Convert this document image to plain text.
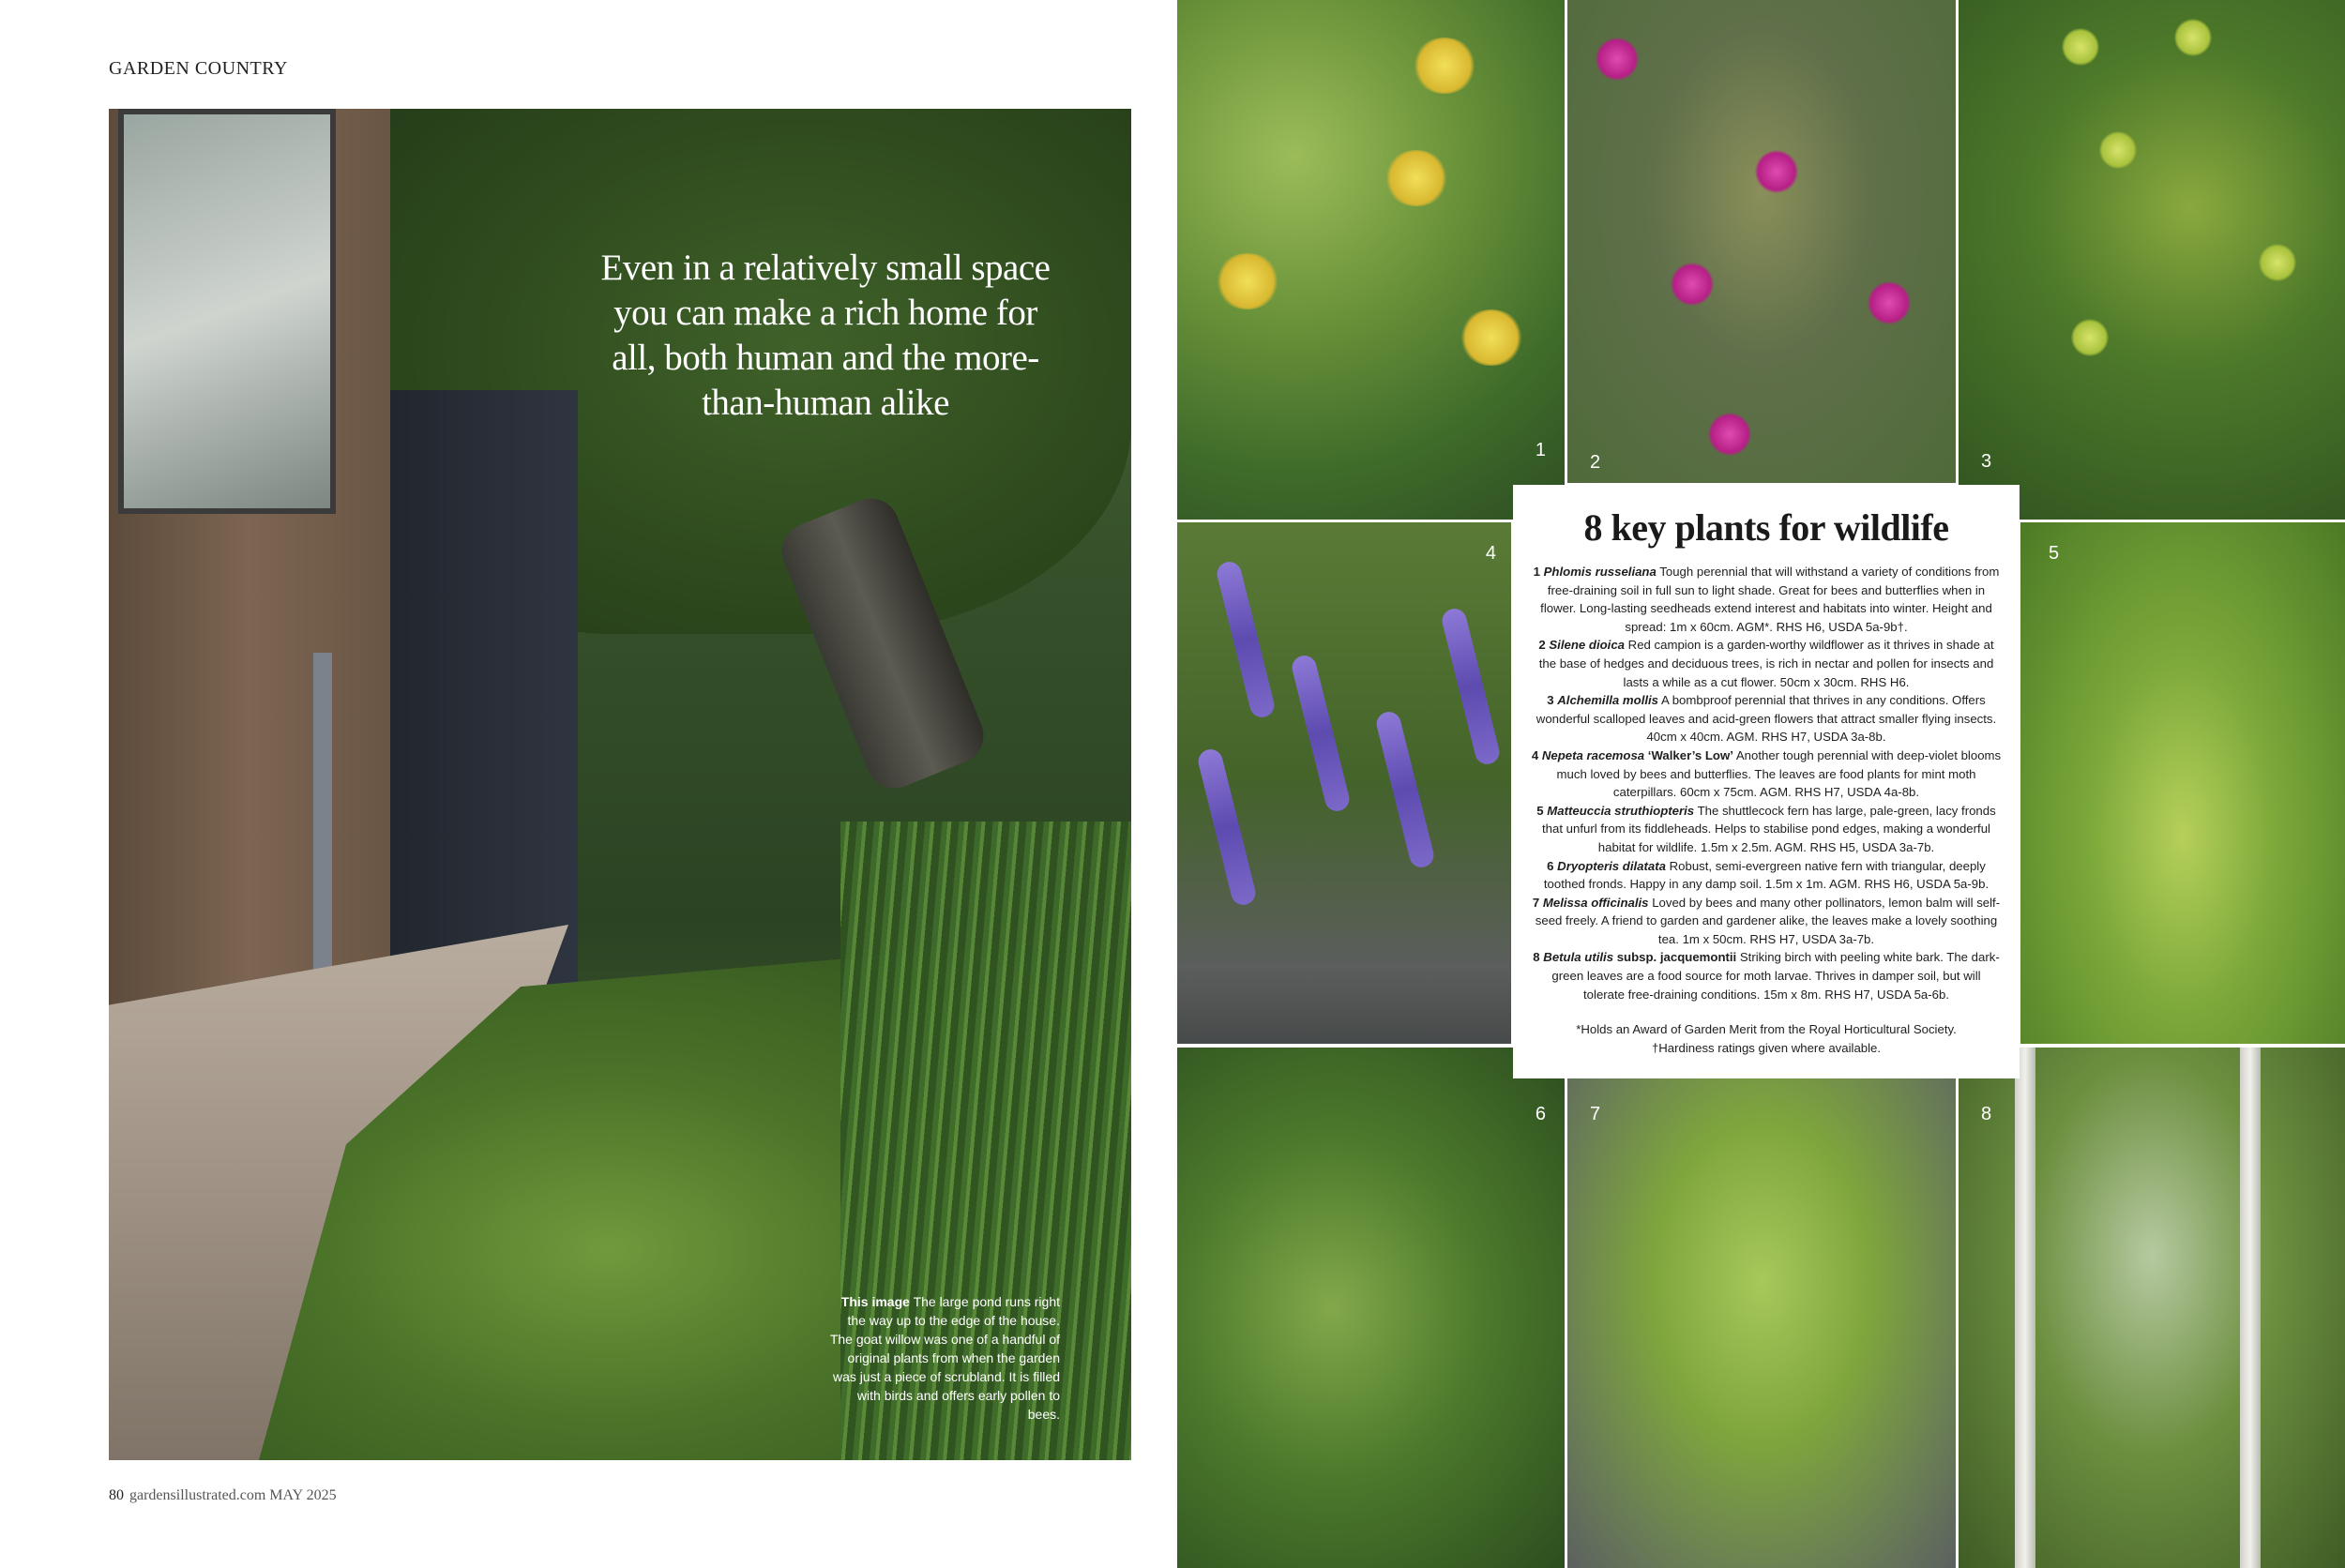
GARDEN COUNTRY
Even in a relatively small space you can make a rich home for all, both human and the more-than-human alike
This image The large pond runs right the way up to the edge of the house. The goat willow was one of a handful of original plants from when the garden was just a piece of scrubland. It is filled with birds and offers early pollen to bees.
80 gardensillustrated.com MAY 2025
1
2	3
4	5
6 7	8
8 key plants for wildlife
1 Phlomis russeliana Tough perennial that will withstand a variety of conditions from free-draining soil in full sun to light shade. Great for bees and butterflies when in flower. Long-lasting seedheads extend interest and habitats into winter. Height and spread: 1m x 60cm. AGM*. RHS H6, USDA 5a-9b†.
2 Silene dioica Red campion is a garden-worthy wildflower as it thrives in shade at the base of hedges and deciduous trees, is rich in nectar and pollen for insects and lasts a while as a cut flower. 50cm x 30cm. RHS H6.
3 Alchemilla mollis A bombproof perennial that thrives in any conditions. Offers wonderful scalloped leaves and acid-green flowers that attract smaller flying insects. 40cm x 40cm. AGM. RHS H7, USDA 3a-8b.
4 Nepeta racemosa ‘Walker’s Low’ Another tough perennial with deep-violet blooms much loved by bees and butterflies. The leaves are food plants for mint moth caterpillars. 60cm x 75cm. AGM. RHS H7, USDA 4a-8b.
5 Matteuccia struthiopteris The shuttlecock fern has large, pale-green, lacy fronds that unfurl from its fiddleheads. Helps to stabilise pond edges, making a wonderful habitat for wildlife. 1.5m x 2.5m. AGM. RHS H5, USDA 3a-7b.
6 Dryopteris dilatata Robust, semi-evergreen native fern with triangular, deeply toothed fronds. Happy in any damp soil. 1.5m x 1m. AGM. RHS H6, USDA 5a-9b.
7 Melissa officinalis Loved by bees and many other pollinators, lemon balm will self-seed freely. A friend to garden and gardener alike, the leaves make a lovely soothing tea. 1m x 50cm. RHS H7, USDA 3a-7b.
8 Betula utilis subsp. jacquemontii Striking birch with peeling white bark. The dark-green leaves are a food source for moth larvae. Thrives in damper soil, but will tolerate free-draining conditions. 15m x 8m. RHS H7, USDA 5a-6b.
*Holds an Award of Garden Merit from the Royal Horticultural Society.
†Hardiness ratings given where available.
